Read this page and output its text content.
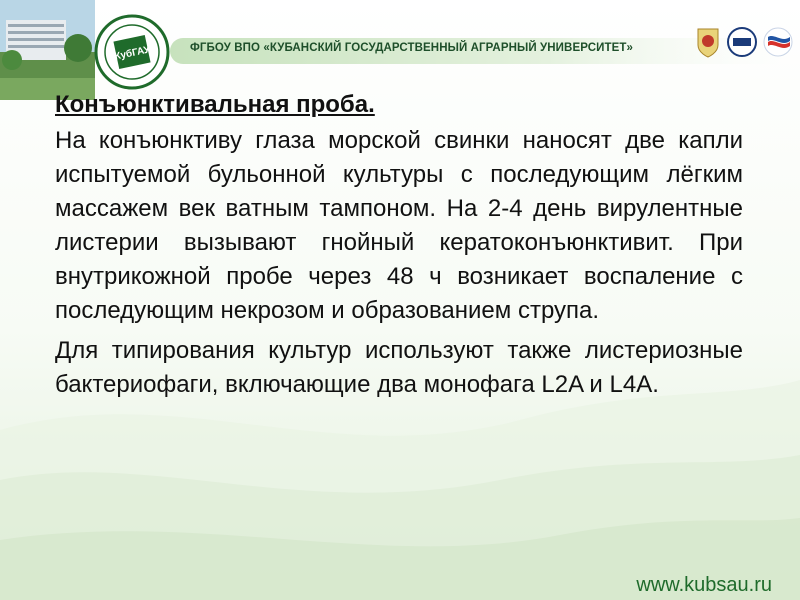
КубГАУ	ФГБОУ ВПО «КУБАНСКИЙ ГОСУДАРСТВЕННЫЙ АГРАРНЫЙ УНИВЕРСИТЕТ»
Конъюнктивальная проба.

На конъюнктиву глаза морской свинки наносят две капли испытуемой бульонной культуры с последующим лёгким массажем век ватным тампоном. На 2-4 день вирулентные листерии вызывают гнойный кератоконъюнктивит. При внутрикожной пробе через 48 ч возникает воспаление с последующим некрозом и образованием струпа.

Для типирования культур используют также листериозные бактериофаги, включающие два монофага L2A и L4A.

www.kubsau.ru
